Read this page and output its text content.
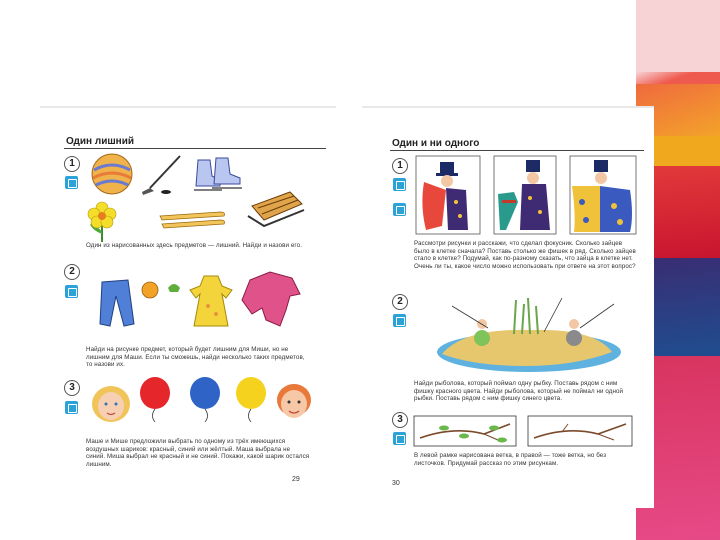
Один лишний
1
Один из нарисованных здесь предметов — лишний. Найди и назови его.
2
Найди на рисунке предмет, который будет лишним для Миши, но не лишним для Маши. Если ты сможешь, найди несколько таких предметов, то назови их.
3
Маше и Мише предложили выбрать по одному из трёх имеющихся воздушных шариков: красный, синий или жёлтый. Маша выбрала не синий. Миша выбрал не красный и не синий. Покажи, какой шарик остался лишним.
29
Один и ни одного
1
Рассмотри рисунки и расскажи, что сделал фокусник. Сколько зайцев было в клетке сначала? Поставь столько же фишек в ряд. Сколько зайцев стало в клетке? Подумай, как по-разному сказать, что зайца в клетке нет. Очень ли ты, какое число можно использовать при ответе на этот вопрос?
2
Найди рыболова, который поймал одну рыбку. Поставь рядом с ним фишку красного цвета. Найди рыболова, который не поймал ни одной рыбки. Поставь рядом с ним фишку синего цвета.
3
В левой рамке нарисована ветка, в правой — тоже ветка, но без листочков. Придумай рассказ по этим рисункам.
30
